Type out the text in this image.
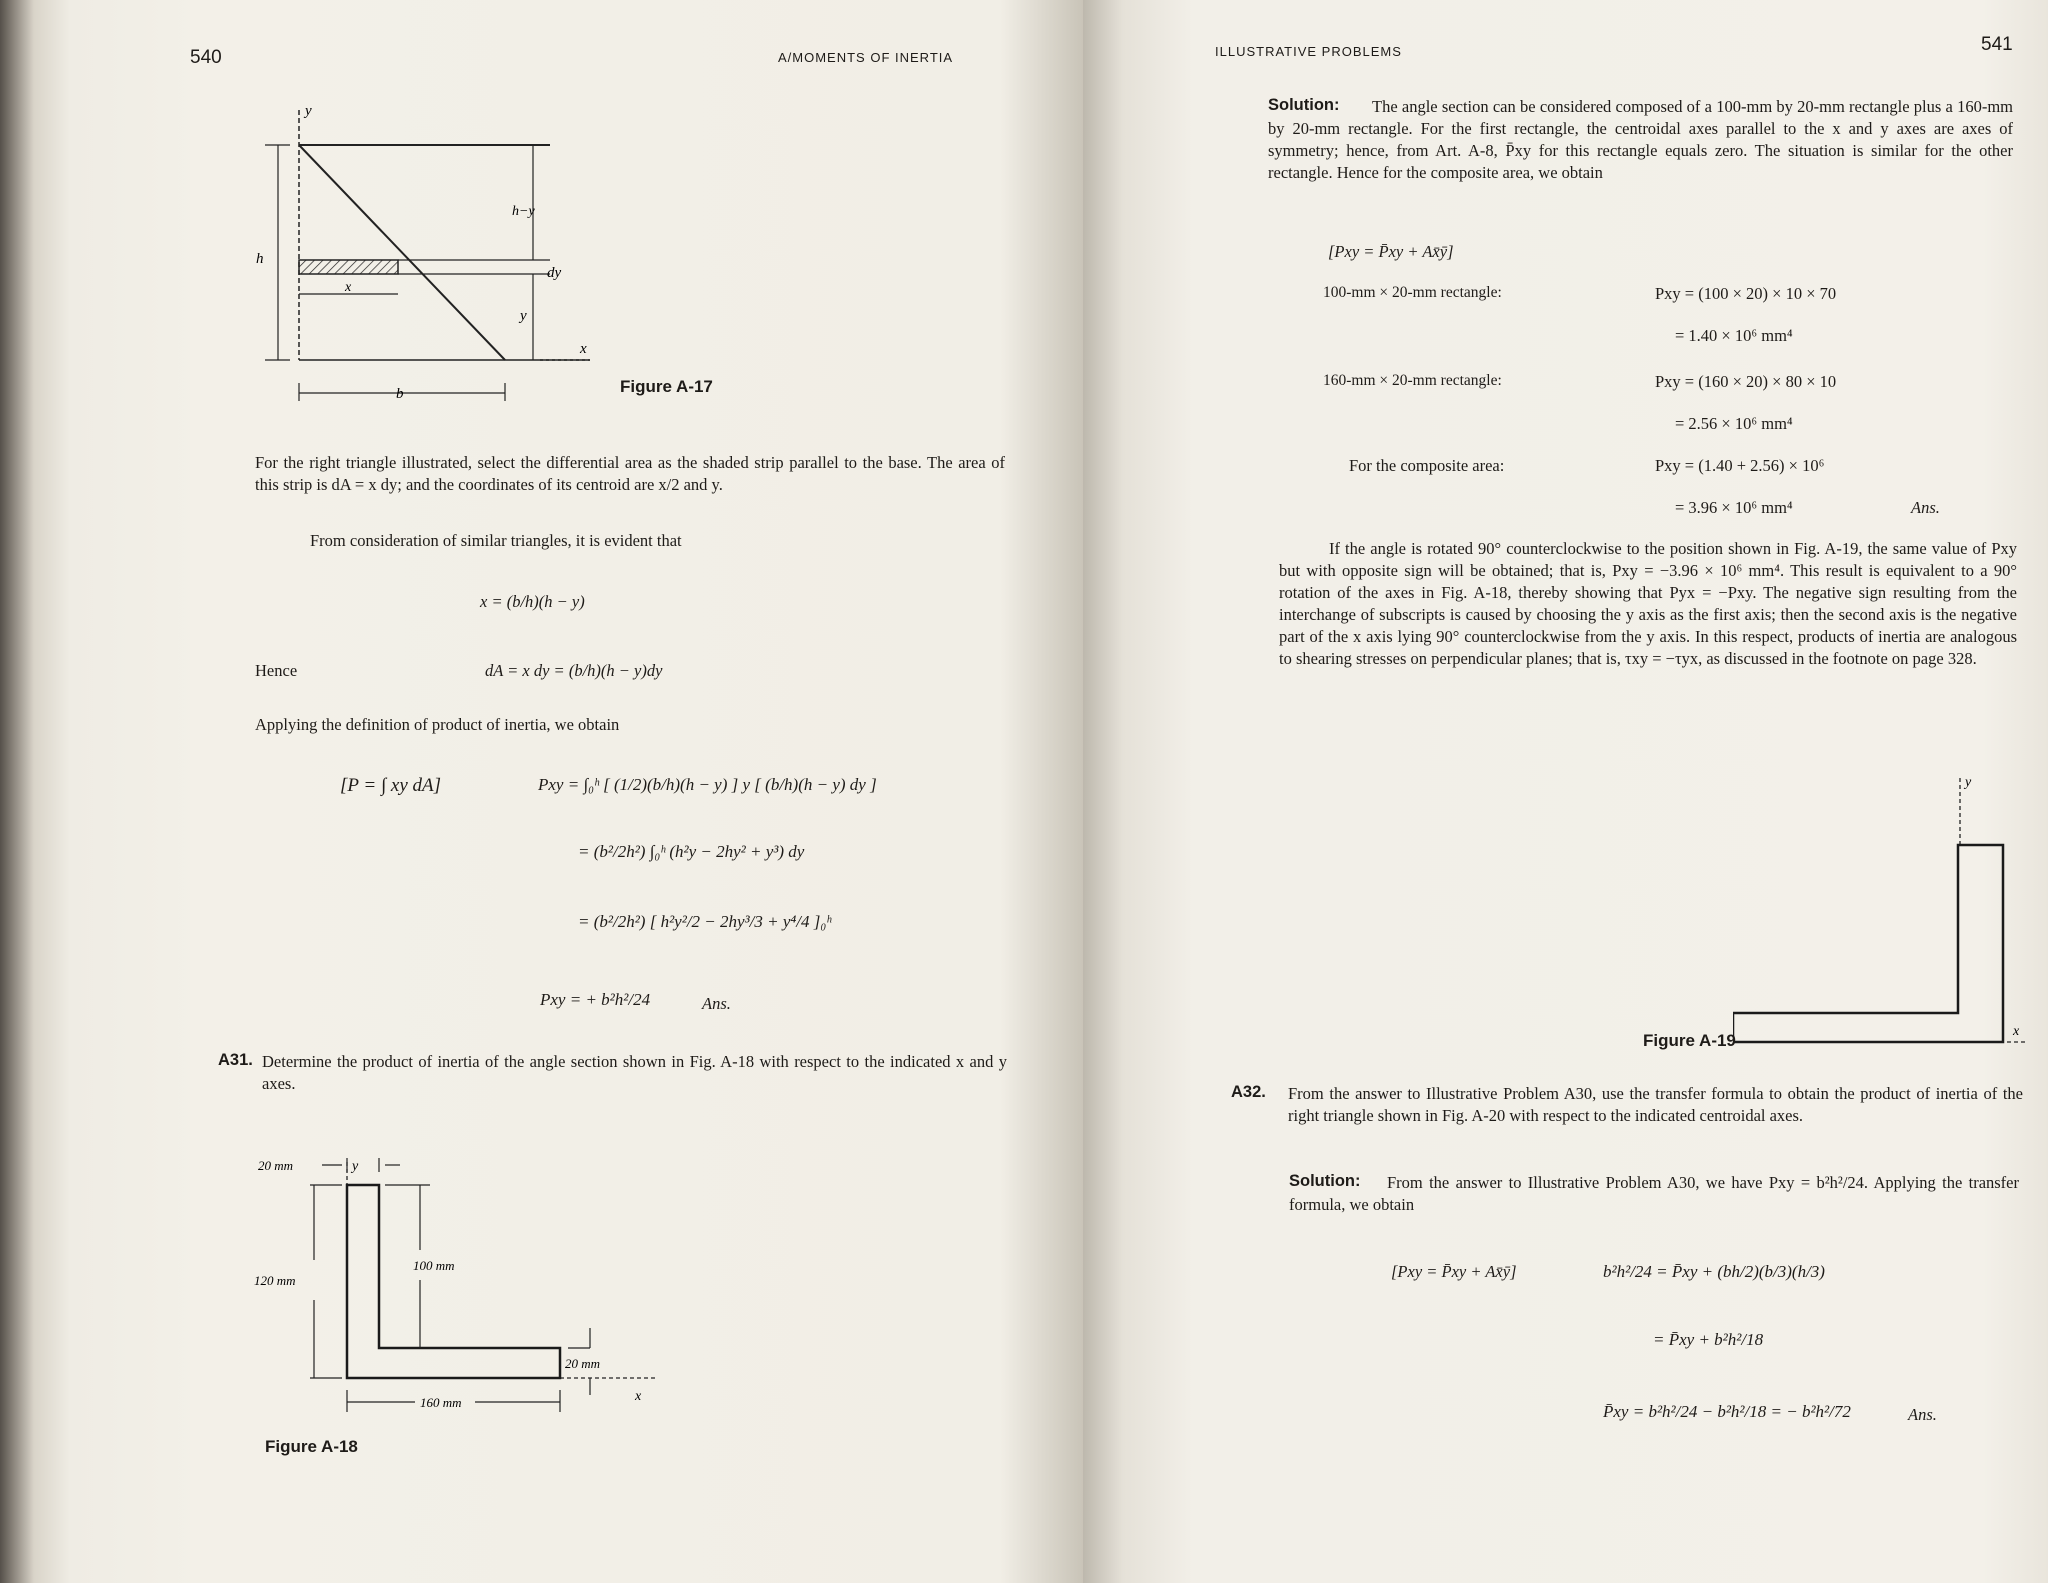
540	A/MOMENTS OF INERTIA

y
x
h
h−y
dy
x
y
b	Figure A-17

For the right triangle illustrated, select the differential area as the shaded strip parallel to the base. The area of this strip is dA = x dy; and the coordinates of its centroid are x/2 and y.

From consideration of similar triangles, it is evident that

x = (b/h)(h − y)

Hence	dA = x dy = (b/h)(h − y)dy

Applying the definition of product of inertia, we obtain

[P = ∫ xy dA]	Pxy = ∫₀ʰ [ (1/2)(b/h)(h − y) ] y [ (b/h)(h − y) dy ]

= (b²/2h²) ∫₀ʰ (h²y − 2hy² + y³) dy

= (b²/2h²) [ h²y²/2 − 2hy³/3 + y⁴/4 ]₀ʰ

Pxy = + b²h²/24	Ans.

A31. Determine the product of inertia of the angle section shown in Fig. A-18 with respect to the indicated x and y axes.

y
x
20 mm
120 mm
100 mm
20 mm
160 mm

Figure A-18

ILLUSTRATIVE PROBLEMS	541

Solution:	The angle section can be considered composed of a 100-mm by 20-mm rectangle plus a 160-mm by 20-mm rectangle. For the first rectangle, the centroidal axes parallel to the x and y axes are axes of symmetry; hence, from Art. A-8, P̄xy for this rectangle equals zero. The situation is similar for the other rectangle. Hence for the composite area, we obtain

[Pxy = P̄xy + Ax̄ȳ]

100-mm × 20-mm rectangle:	Pxy = (100 × 20) × 10 × 70

= 1.40 × 10⁶ mm⁴

160-mm × 20-mm rectangle:	Pxy = (160 × 20) × 80 × 10

= 2.56 × 10⁶ mm⁴

For the composite area:	Pxy = (1.40 + 2.56) × 10⁶

= 3.96 × 10⁶ mm⁴	Ans.

If the angle is rotated 90° counterclockwise to the position shown in Fig. A-19, the same value of Pxy but with opposite sign will be obtained; that is, Pxy = −3.96 × 10⁶ mm⁴. This result is equivalent to a 90° rotation of the axes in Fig. A-18, thereby showing that Pyx = −Pxy. The negative sign resulting from the interchange of subscripts is caused by choosing the y axis as the first axis; then the second axis is the negative part of the x axis lying 90° counterclockwise from the y axis. In this respect, products of inertia are analogous to shearing stresses on perpendicular planes; that is, τxy = −τyx, as discussed in the footnote on page 328.

y
x

Figure A-19

A32. From the answer to Illustrative Problem A30, use the transfer formula to obtain the product of inertia of the right triangle shown in Fig. A-20 with respect to the indicated centroidal axes.

Solution:	From the answer to Illustrative Problem A30, we have Pxy = b²h²/24. Applying the transfer formula, we obtain

[Pxy = P̄xy + Ax̄ȳ]	b²h²/24 = P̄xy + (bh/2)(b/3)(h/3)

= P̄xy + b²h²/18

P̄xy = b²h²/24 − b²h²/18 = − b²h²/72	Ans.
